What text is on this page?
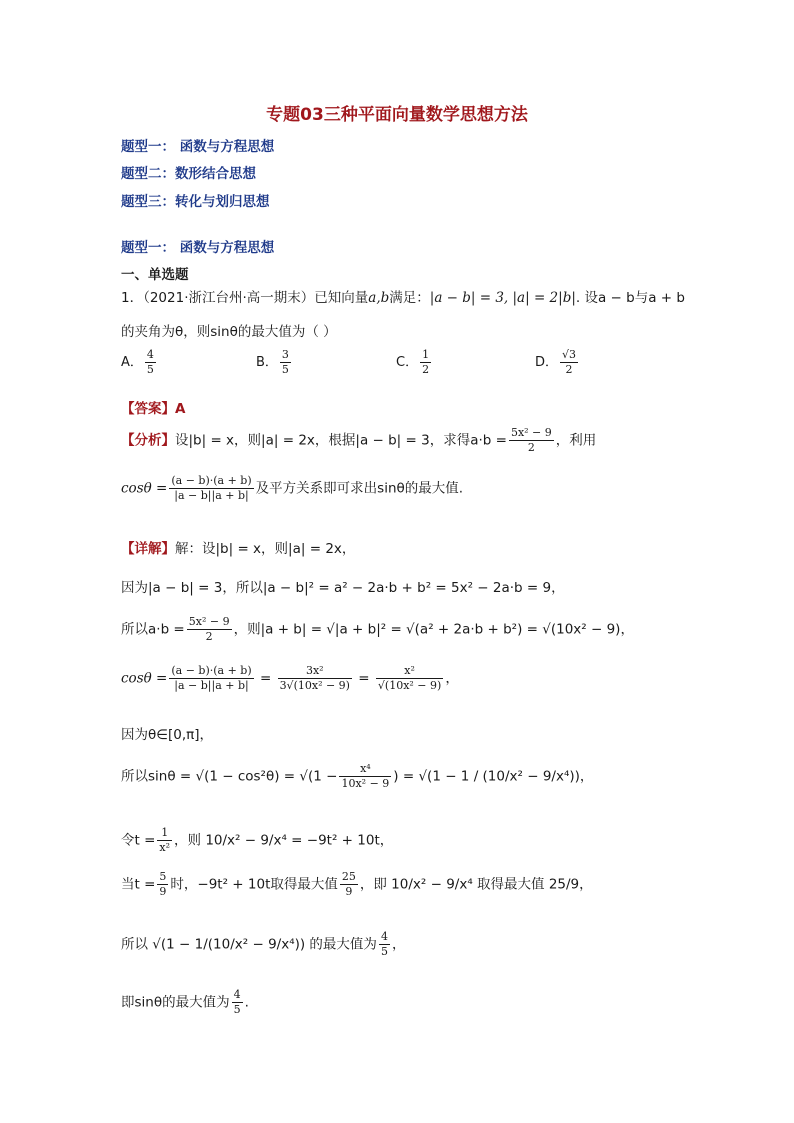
专题03三种平面向量数学思想方法
题型一： 函数与方程思想
题型二：数形结合思想
题型三：转化与划归思想
题型一： 函数与方程思想
一、单选题
1．（2021·浙江台州·高一期末）已知向量a,b满足：|a − b| = 3, |a| = 2|b|. 设a − b与a + b
的夹角为θ，则sinθ的最大值为（ ）
A． $\frac{4}{5}$	B． $\frac{3}{5}$	C． $\frac{1}{2}$	D． $\frac{√3}{2}$
【答案】A
【分析】设|b| = x，则|a| = 2x，根据|a − b| = 3，求得$a\cdot b = \frac{\text{5x² − 9}}{2}$ ，利用
$\cos\theta = \frac{(a - b)\cdot(a + b)}{|a - b||a + b|}$ 及平方关系即可求出sinθ的最大值.
【详解】解：设|b| = x，则|a| = 2x，
因为|a − b| = 3，所以|a − b|² = a² − 2a·b + b² = 5x² − 2a·b = 9，
所以$a\cdot b = \frac{\text{5x² − 9}}{2}$ ，则|a + b| = √|a + b|² = √(a² + 2a·b + b²) = √(10x² − 9)，
$\cos\theta = \frac{(a - b)\cdot(a + b)}{|a - b||a + b|} = \frac{\text{3x²}}{\text{3√(10x² − 9)}} = \frac{\text{x²}}{\text{√(10x² − 9)}}$ ，
因为θ∈[0,π]，
所以$\sin\theta = √(1 - \cos^2\theta) = √(1 - \frac{\text{x⁴}}{\text{10x² − 9}}$ ) = √(1 − 1 / (10/x² − 9/x⁴))，
令$t = \frac{1}{\text{x²}}$ ，则 10/x² − 9/x⁴ = −9t² + 10t，
当$t = \frac{5}{9}$ 时，−9t² + 10t取得最大值 $\frac{25}{9}$ ，即 10/x² − 9/x⁴ 取得最大值 25/9，
所以 √(1 − 1/(10/x² − 9/x⁴)) 的最大值为 $\frac{4}{5}$ ，
即sinθ的最大值为 $\frac{4}{5}$ .
